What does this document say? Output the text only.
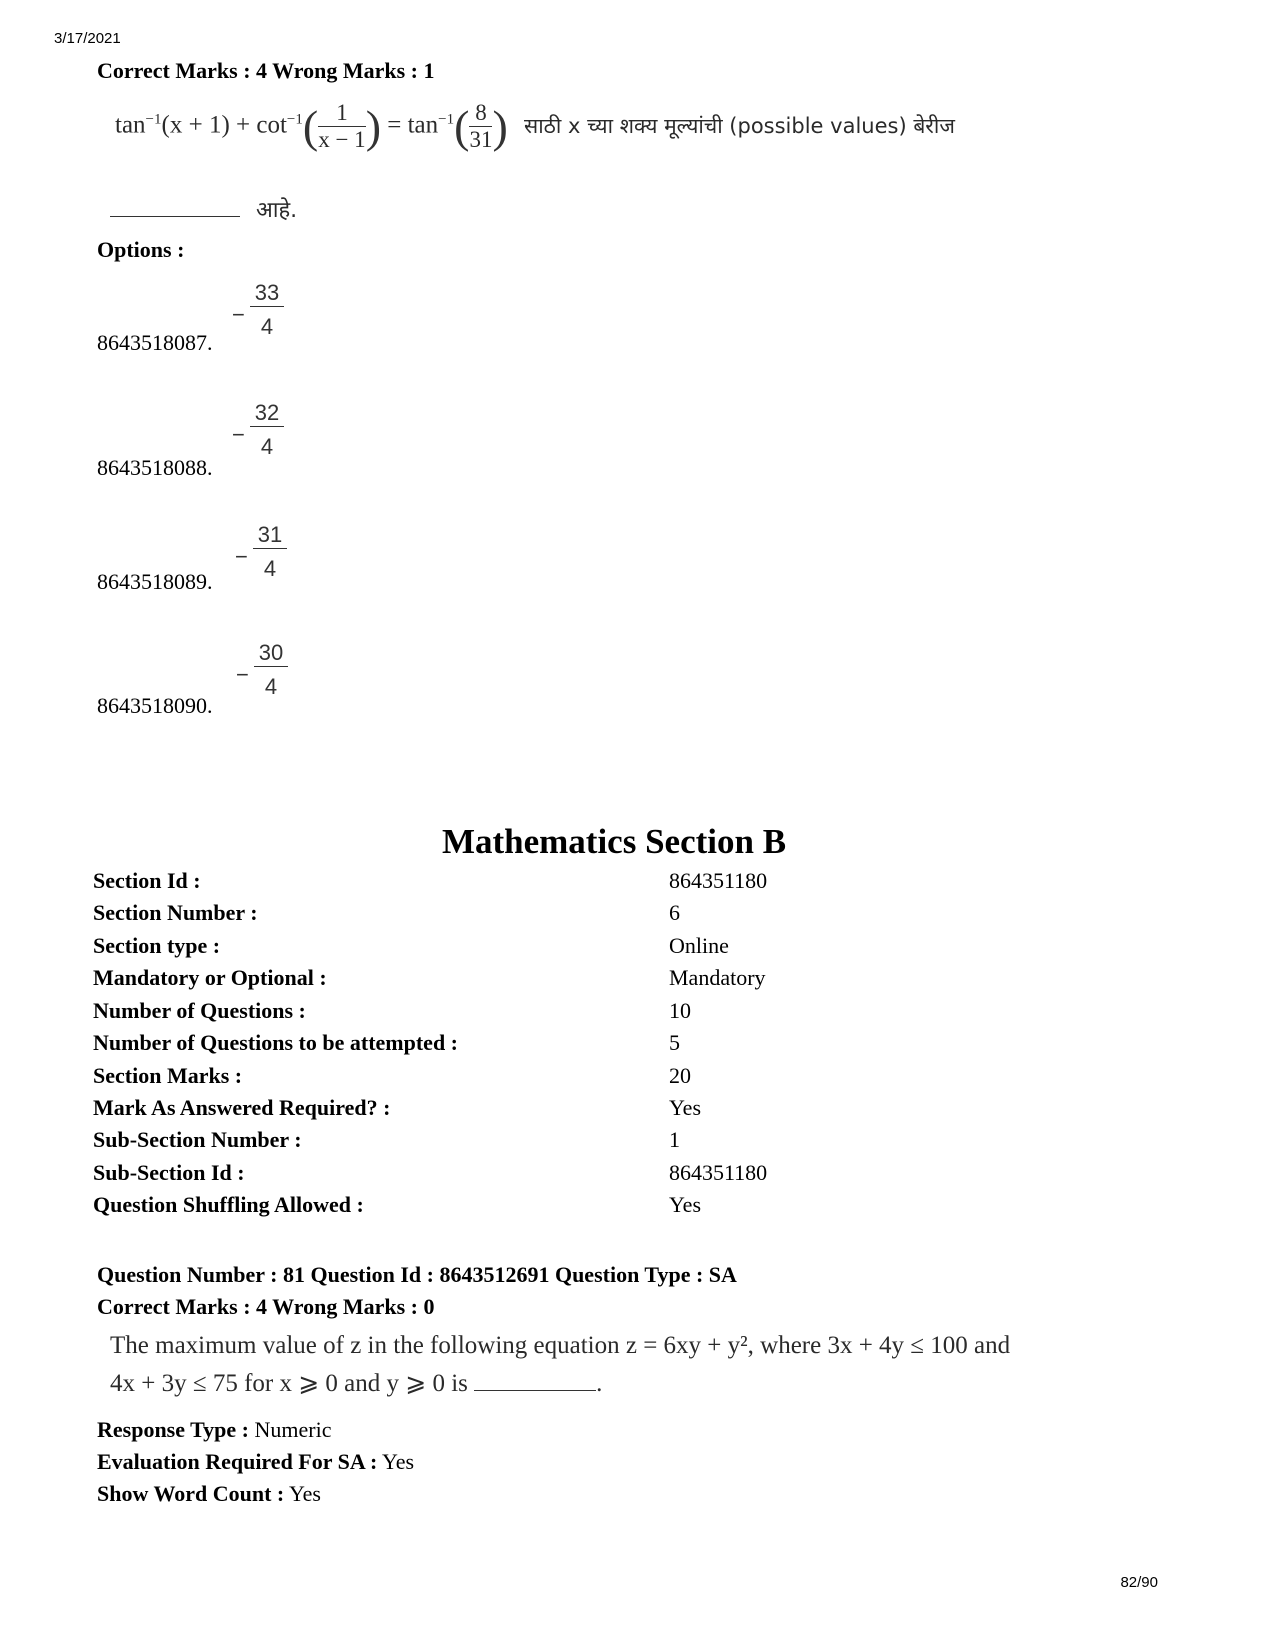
3/17/2021
82/90
Correct Marks : 4 Wrong Marks : 1
$\tan^{-1}(x + 1) + \cot^{-1}( \frac{1}{x - 1}$ ) = $\tan^{-1}( \frac{8}{31}$ ) साठी x च्या शक्य मूल्यांची (possible values) बेरीज
आहे.
Options :
−
33
4
8643518087.
−
32
4
8643518088.
−
31
4
8643518089.
−
30
4
8643518090.
Mathematics Section B
Section Id :	864351180
Section Number :	6
Section type :	Online
Mandatory or Optional :	Mandatory
Number of Questions :	10
Number of Questions to be attempted :	5
Section Marks :	20
Mark As Answered Required? :	Yes
Sub-Section Number :	1
Sub-Section Id :	864351180
Question Shuffling Allowed :	Yes
Question Number : 81 Question Id : 8643512691 Question Type : SA
Correct Marks : 4 Wrong Marks : 0
The maximum value of z in the following equation z = 6xy + y², where 3x + 4y ≤ 100 and
4x + 3y ≤ 75 for x ⩾ 0 and y ⩾ 0 is	.
Response Type : Numeric
Evaluation Required For SA : Yes
Show Word Count : Yes
